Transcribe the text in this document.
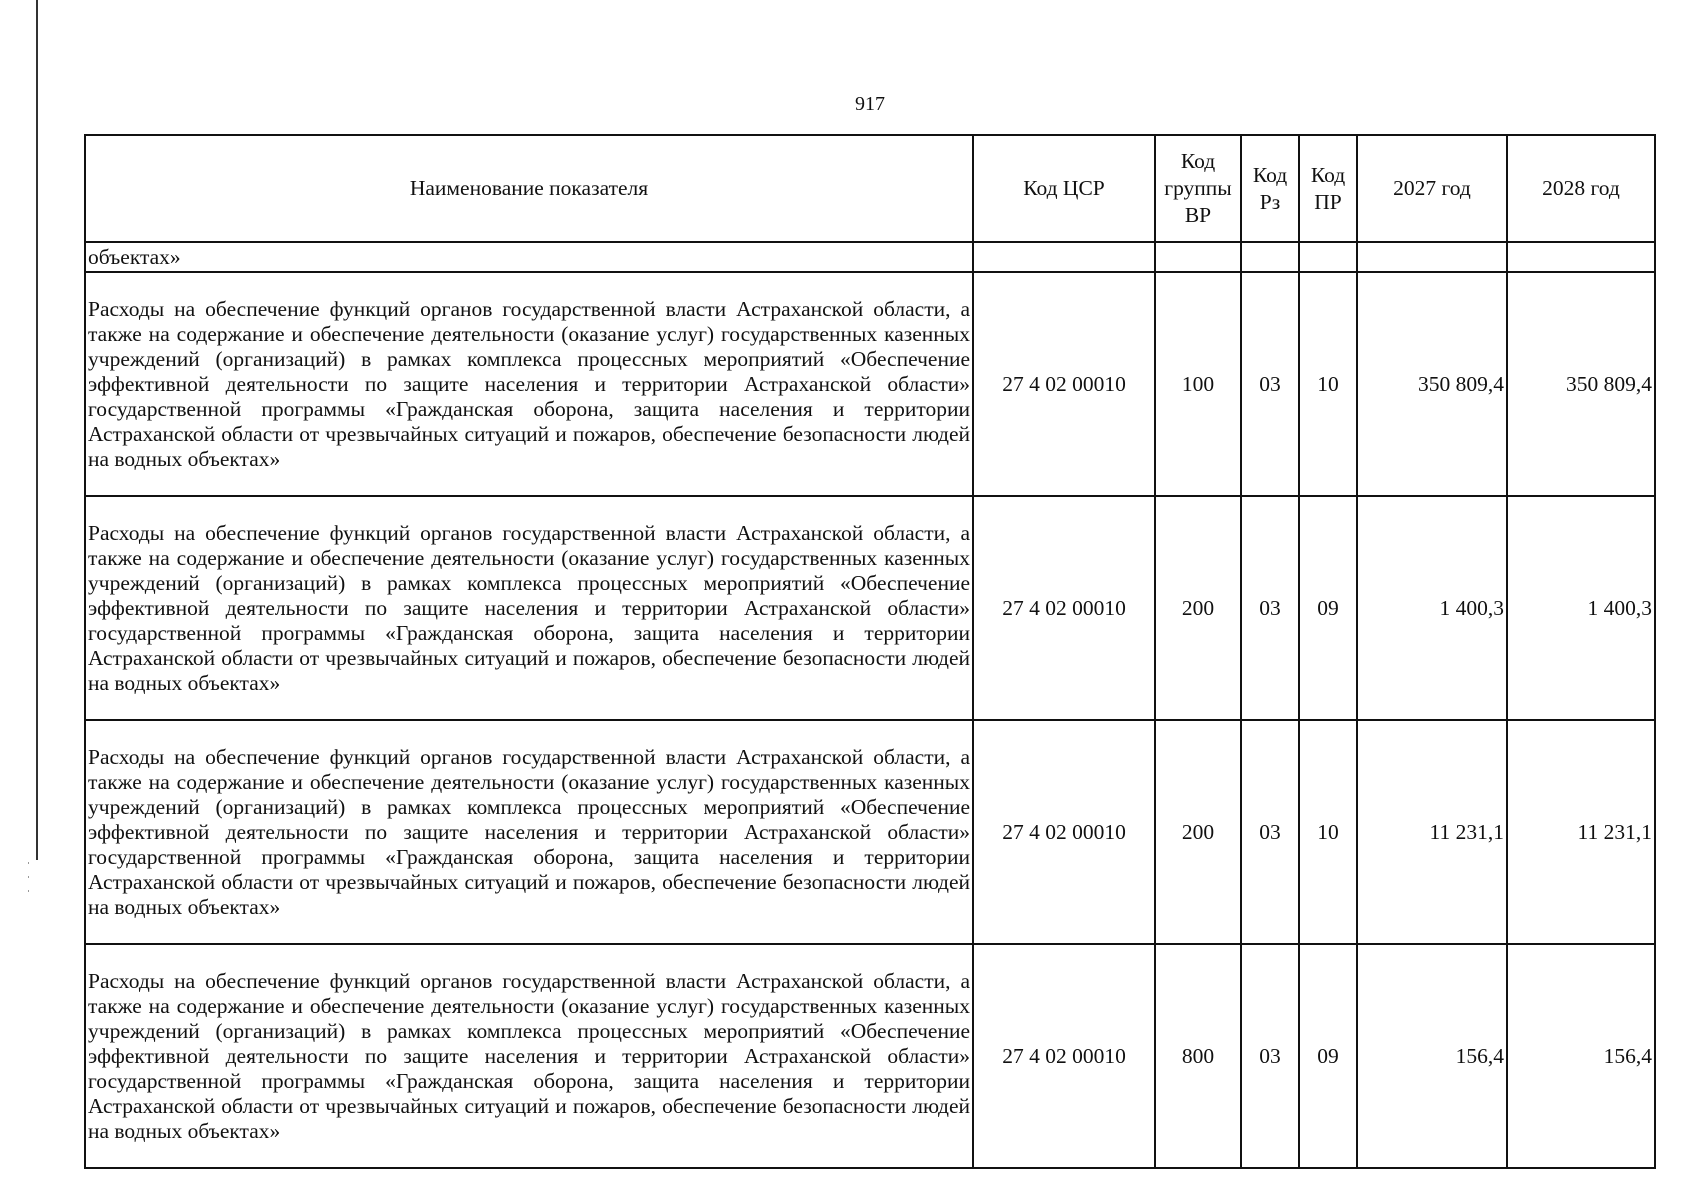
917
Наименование показателя	Код ЦСР	Код группы ВР	Код Рз	Код ПР	2027 год	2028 год
объектах»						
Расходы на обеспечение функций органов государственной власти Астраханской области, а также на содержание и обеспечение деятельности (оказание услуг) государственных казенных учреждений (организаций) в рамках комплекса процессных мероприятий «Обеспечение эффективной деятельности по защите населения и территории Астраханской области» государственной программы «Гражданская оборона, защита населения и территории Астраханской области от чрезвычайных ситуаций и пожаров, обеспечение безопасности людей на водных объектах»	27 4 02 00010	100	03	10	350 809,4	350 809,4
Расходы на обеспечение функций органов государственной власти Астраханской области, а также на содержание и обеспечение деятельности (оказание услуг) государственных казенных учреждений (организаций) в рамках комплекса процессных мероприятий «Обеспечение эффективной деятельности по защите населения и территории Астраханской области» государственной программы «Гражданская оборона, защита населения и территории Астраханской области от чрезвычайных ситуаций и пожаров, обеспечение безопасности людей на водных объектах»	27 4 02 00010	200	03	09	1 400,3	1 400,3
Расходы на обеспечение функций органов государственной власти Астраханской области, а также на содержание и обеспечение деятельности (оказание услуг) государственных казенных учреждений (организаций) в рамках комплекса процессных мероприятий «Обеспечение эффективной деятельности по защите населения и территории Астраханской области» государственной программы «Гражданская оборона, защита населения и территории Астраханской области от чрезвычайных ситуаций и пожаров, обеспечение безопасности людей на водных объектах»	27 4 02 00010	200	03	10	11 231,1	11 231,1
Расходы на обеспечение функций органов государственной власти Астраханской области, а также на содержание и обеспечение деятельности (оказание услуг) государственных казенных учреждений (организаций) в рамках комплекса процессных мероприятий «Обеспечение эффективной деятельности по защите населения и территории Астраханской области» государственной программы «Гражданская оборона, защита населения и территории Астраханской области от чрезвычайных ситуаций и пожаров, обеспечение безопасности людей на водных объектах»	27 4 02 00010	800	03	09	156,4	156,4
